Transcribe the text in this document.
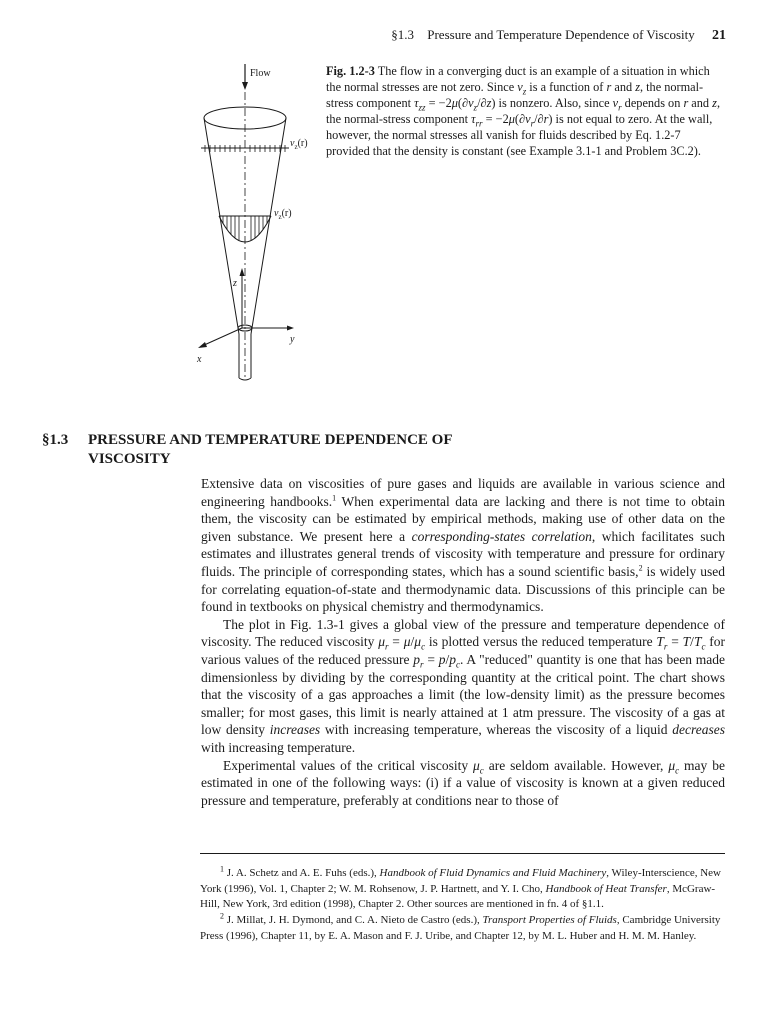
§1.3 Pressure and Temperature Dependence of Viscosity 21
Flow
$v_z(r)$
$v_z(r)$
z
y
x
Fig. 1.2-3 The flow in a converging duct is an example of a situation in which the normal stresses are not zero. Since $v_z$ is a function of r and z, the normal-stress component $\tau_{zz} = -2\mu(\partial v_z/\partial z)$ is nonzero. Also, since $v_r$ depends on r and z, the normal-stress component $\tau_{rr} = -2\mu(\partial v_r/\partial r)$ is not equal to zero. At the wall, however, the normal stresses all vanish for fluids described by Eq. 1.2-7 provided that the density is constant (see Example 3.1-1 and Problem 3C.2).
§1.3 PRESSURE AND TEMPERATURE DEPENDENCE OF VISCOSITY

Extensive data on viscosities of pure gases and liquids are available in various science and engineering handbooks.$^1$ When experimental data are lacking and there is not time to obtain them, the viscosity can be estimated by empirical methods, making use of other data on the given substance. We present here a corresponding-states correlation, which facilitates such estimates and illustrates general trends of viscosity with temperature and pressure for ordinary fluids. The principle of corresponding states, which has a sound scientific basis,$^2$ is widely used for correlating equation-of-state and thermodynamic data. Discussions of this principle can be found in textbooks on physical chemistry and thermodynamics.

The plot in Fig. 1.3-1 gives a global view of the pressure and temperature dependence of viscosity. The reduced viscosity $\mu_r = \mu/\mu_c$ is plotted versus the reduced temperature $T_r = T/T_c$ for various values of the reduced pressure $p_r = p/p_c$. A "reduced" quantity is one that has been made dimensionless by dividing by the corresponding quantity at the critical point. The chart shows that the viscosity of a gas approaches a limit (the low-density limit) as the pressure becomes smaller; for most gases, this limit is nearly attained at 1 atm pressure. The viscosity of a gas at low density increases with increasing temperature, whereas the viscosity of a liquid decreases with increasing temperature.

Experimental values of the critical viscosity $\mu_c$ are seldom available. However, $\mu_c$ may be estimated in one of the following ways: (i) if a value of viscosity is known at a given reduced pressure and temperature, preferably at conditions near to those of

$^1$ J. A. Schetz and A. E. Fuhs (eds.), Handbook of Fluid Dynamics and Fluid Machinery, Wiley-Interscience, New York (1996), Vol. 1, Chapter 2; W. M. Rohsenow, J. P. Hartnett, and Y. I. Cho, Handbook of Heat Transfer, McGraw-Hill, New York, 3rd edition (1998), Chapter 2. Other sources are mentioned in fn. 4 of §1.1.

$^2$ J. Millat, J. H. Dymond, and C. A. Nieto de Castro (eds.), Transport Properties of Fluids, Cambridge University Press (1996), Chapter 11, by E. A. Mason and F. J. Uribe, and Chapter 12, by M. L. Huber and H. M. M. Hanley.
